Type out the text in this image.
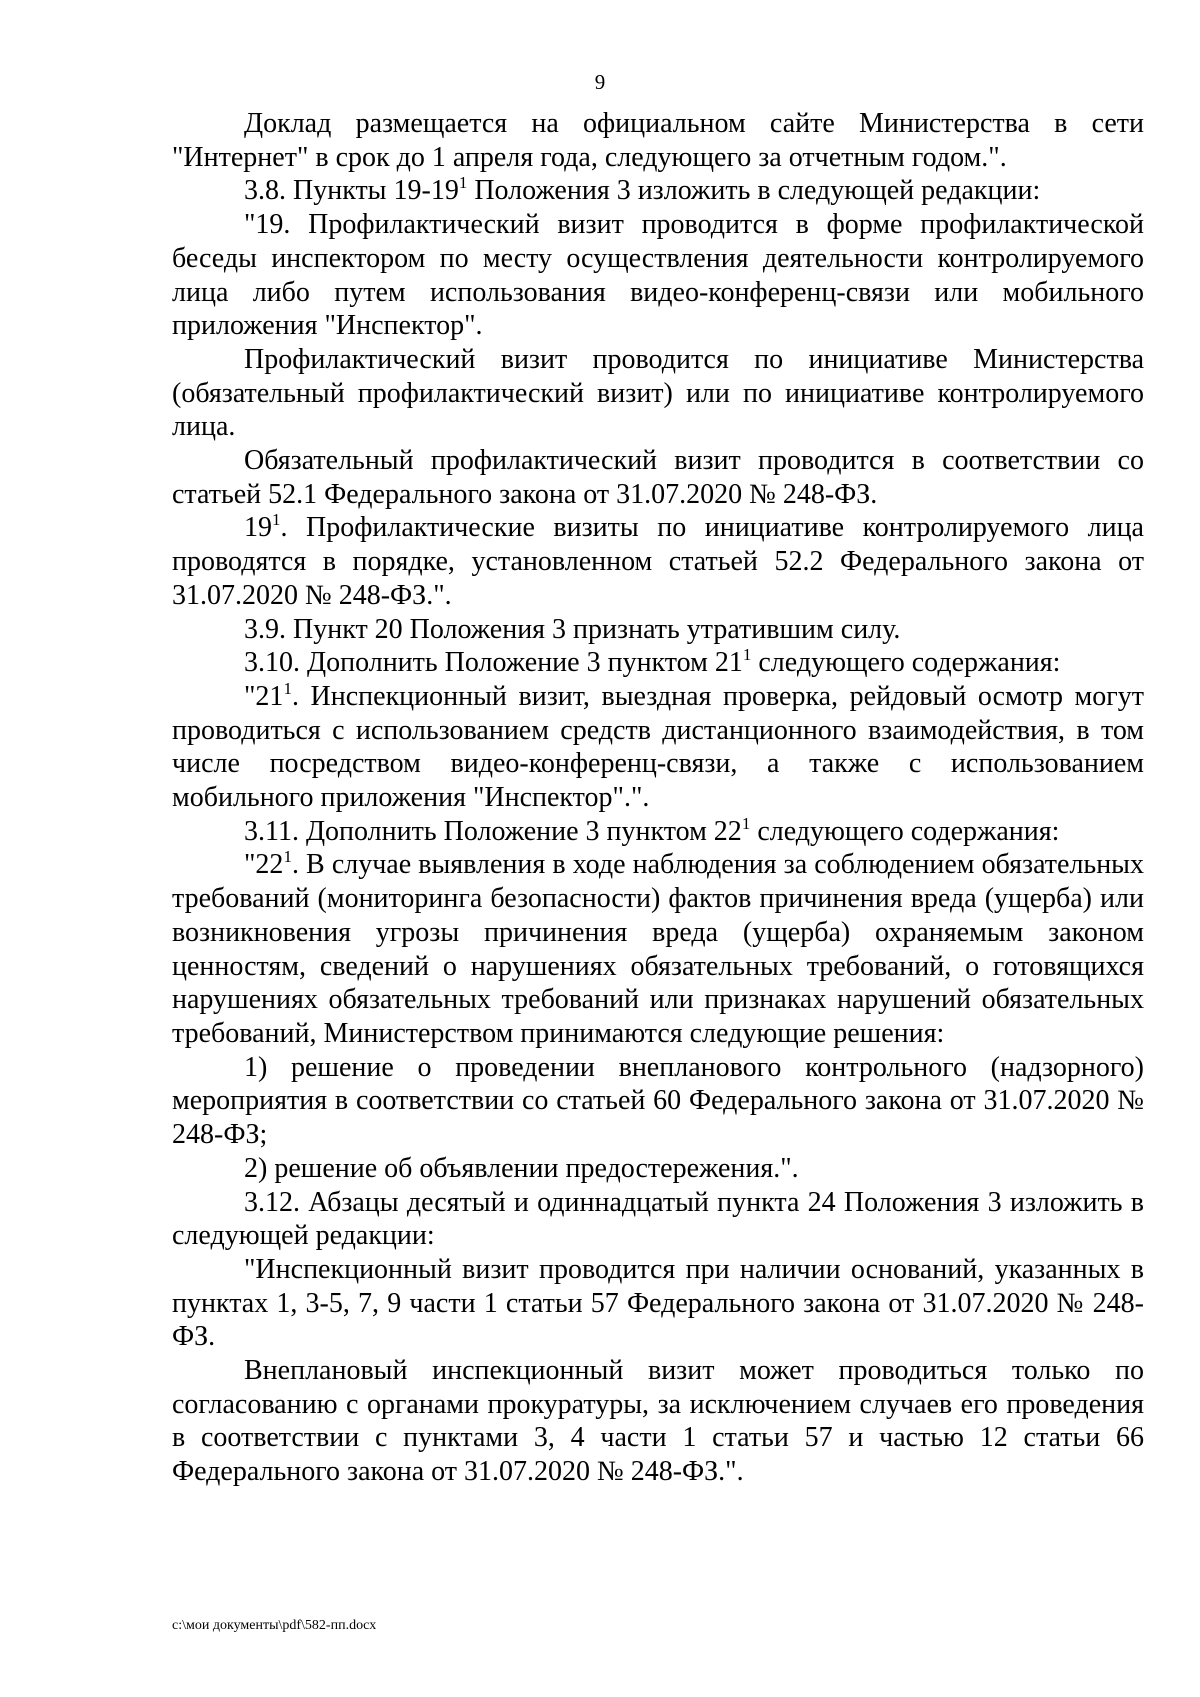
9

Доклад размещается на официальном сайте Министерства в сети "Интернет" в срок до 1 апреля года, следующего за отчетным годом.".

3.8. Пункты $19-19^1$ Положения 3 изложить в следующей редакции:

"19. Профилактический визит проводится в форме профилактической беседы инспектором по месту осуществления деятельности контролируемого лица либо путем использования видео-конференц-связи или мобильного приложения "Инспектор".

Профилактический визит проводится по инициативе Министерства (обязательный профилактический визит) или по инициативе контролируемого лица.

Обязательный профилактический визит проводится в соответствии со статьей 52.1 Федерального закона от 31.07.2020 № 248-ФЗ.

$19^1$. Профилактические визиты по инициативе контролируемого лица проводятся в порядке, установленном статьей 52.2 Федерального закона от 31.07.2020 № 248-ФЗ.".

3.9. Пункт 20 Положения 3 признать утратившим силу.

3.10. Дополнить Положение 3 пунктом $21^1$ следующего содержания:

"$21^1$. Инспекционный визит, выездная проверка, рейдовый осмотр могут проводиться с использованием средств дистанционного взаимодействия, в том числе посредством видео-конференц-связи, а также с использованием мобильного приложения "Инспектор".".

3.11. Дополнить Положение 3 пунктом $22^1$ следующего содержания:

"$22^1$. В случае выявления в ходе наблюдения за соблюдением обязательных требований (мониторинга безопасности) фактов причинения вреда (ущерба) или возникновения угрозы причинения вреда (ущерба) охраняемым законом ценностям, сведений о нарушениях обязательных требований, о готовящихся нарушениях обязательных требований или признаках нарушений обязательных требований, Министерством принимаются следующие решения:

1) решение о проведении внепланового контрольного (надзорного) мероприятия в соответствии со статьей 60 Федерального закона от 31.07.2020 № 248-ФЗ;

2) решение об объявлении предостережения.".

3.12. Абзацы десятый и одиннадцатый пункта 24 Положения 3 изложить в следующей редакции:

"Инспекционный визит проводится при наличии оснований, указанных в пунктах 1, 3-5, 7, 9 части 1 статьи 57 Федерального закона от 31.07.2020 № 248-ФЗ.

Внеплановый инспекционный визит может проводиться только по согласованию с органами прокуратуры, за исключением случаев его проведения в соответствии с пунктами 3, 4 части 1 статьи 57 и частью 12 статьи 66 Федерального закона от 31.07.2020 № 248-ФЗ.".

c:\мои документы\pdf\582-пп.docx
